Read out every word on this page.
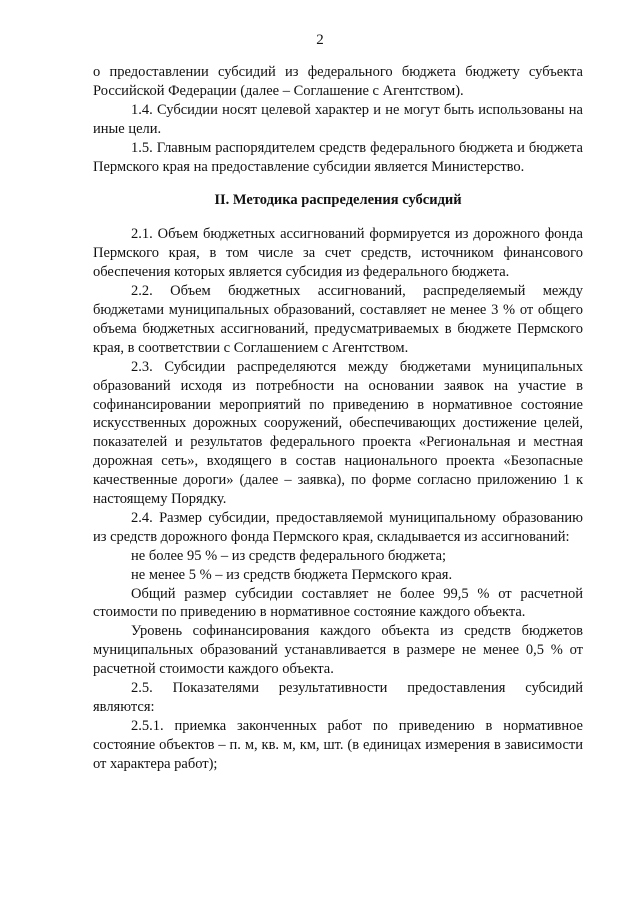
2

о предоставлении субсидий из федерального бюджета бюджету субъекта Российской Федерации (далее – Соглашение с Агентством).

1.4. Субсидии носят целевой характер и не могут быть использованы на иные цели.

1.5. Главным распорядителем средств федерального бюджета и бюджета Пермского края на предоставление субсидии является Министерство.

II. Методика распределения субсидий

2.1. Объем бюджетных ассигнований формируется из дорожного фонда Пермского края, в том числе за счет средств, источником финансового обеспечения которых является субсидия из федерального бюджета.

2.2. Объем бюджетных ассигнований, распределяемый между бюджетами муниципальных образований, составляет не менее 3 % от общего объема бюджетных ассигнований, предусматриваемых в бюджете Пермского края, в соответствии с Соглашением с Агентством.

2.3. Субсидии распределяются между бюджетами муниципальных образований исходя из потребности на основании заявок на участие в софинансировании мероприятий по приведению в нормативное состояние искусственных дорожных сооружений, обеспечивающих достижение целей, показателей и результатов федерального проекта «Региональная и местная дорожная сеть», входящего в состав национального проекта «Безопасные качественные дороги» (далее – заявка), по форме согласно приложению 1 к настоящему Порядку.

2.4. Размер субсидии, предоставляемой муниципальному образованию из средств дорожного фонда Пермского края, складывается из ассигнований:

не более 95 % – из средств федерального бюджета;

не менее 5 % – из средств бюджета Пермского края.

Общий размер субсидии составляет не более 99,5 % от расчетной стоимости по приведению в нормативное состояние каждого объекта.

Уровень софинансирования каждого объекта из средств бюджетов муниципальных образований устанавливается в размере не менее 0,5 % от расчетной стоимости каждого объекта.

2.5. Показателями результативности предоставления субсидий являются:

2.5.1. приемка законченных работ по приведению в нормативное состояние объектов – п. м, кв. м, км, шт. (в единицах измерения в зависимости от характера работ);
